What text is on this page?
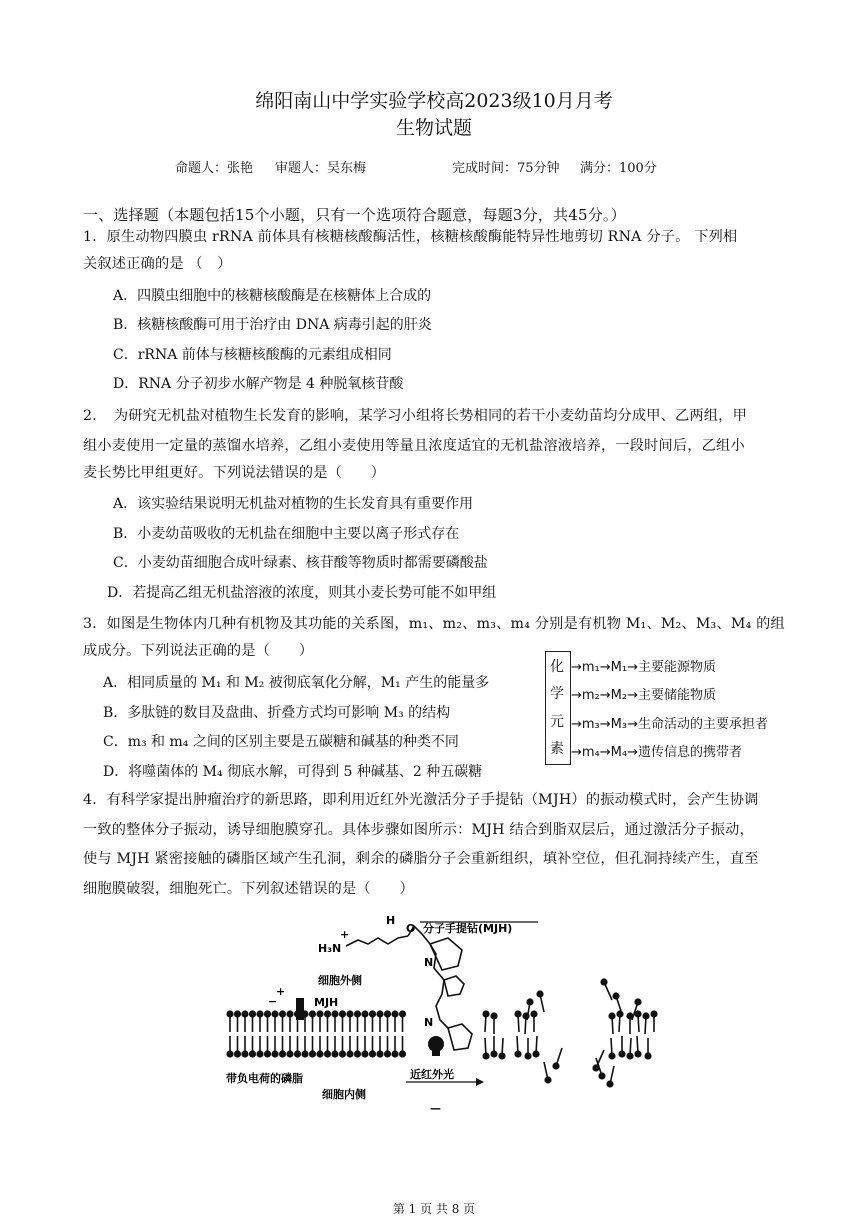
绵阳南山中学实验学校高2023级10月月考
生物试题
命题人：张艳 审题人：吴东梅	完成时间：75分钟 满分：100分
一、选择题（本题包括15个小题，只有一个选项符合题意，每题3分，共45分。）
1．原生动物四膜虫 rRNA 前体具有核糖核酸酶活性，核糖核酸酶能特异性地剪切 RNA 分子。 下列相
关叙述正确的是 （　）
A．四膜虫细胞中的核糖核酸酶是在核糖体上合成的
B．核糖核酸酶可用于治疗由 DNA 病毒引起的肝炎
C．rRNA 前体与核糖核酸酶的元素组成相同
D．RNA 分子初步水解产物是 4 种脱氧核苷酸
2．　为研究无机盐对植物生长发育的影响，某学习小组将长势相同的若干小麦幼苗均分成甲、乙两组，甲
组小麦使用一定量的蒸馏水培养，乙组小麦使用等量且浓度适宜的无机盐溶液培养，一段时间后，乙组小
麦长势比甲组更好。下列说法错误的是（　　）
A．该实验结果说明无机盐对植物的生长发育具有重要作用
B．小麦幼苗吸收的无机盐在细胞中主要以离子形式存在
C．小麦幼苗细胞合成叶绿素、核苷酸等物质时都需要磷酸盐
D．若提高乙组无机盐溶液的浓度，则其小麦长势可能不如甲组
3．如图是生物体内几种有机物及其功能的关系图，m₁、m₂、m₃、m₄ 分别是有机物 M₁、M₂、M₃、M₄ 的组
成成分。下列说法正确的是（　　）
A．相同质量的 M₁ 和 M₂ 被彻底氧化分解，M₁ 产生的能量多
B．多肽链的数目及盘曲、折叠方式均可影响 M₃ 的结构
C．m₃ 和 m₄ 之间的区别主要是五碳糖和碱基的种类不同
D．将噬菌体的 M₄ 彻底水解，可得到 5 种碱基、2 种五碳糖
化
学
元
素
→m₁→M₁→主要能源物质
→m₂→M₂→主要储能物质
→m₃→M₃→生命活动的主要承担者
→m₄→M₄→遗传信息的携带者
4．有科学家提出肿瘤治疗的新思路，即利用近红外光激活分子手提钻（MJH）的振动模式时，会产生协调
一致的整体分子振动，诱导细胞膜穿孔。具体步骤如图所示：MJH 结合到脂双层后，通过激活分子振动，
使与 MJH 紧密接触的磷脂区域产生孔洞，剩余的磷脂分子会重新组织，填补空位，但孔洞持续产生，直至
细胞膜破裂，细胞死亡。下列叙述错误的是（　　）
H₃N
+
H
O
N
N
分子手提钻(MJH)
细胞外侧
MJH
−
+
带负电荷的磷脂
细胞内侧
近红外光
—
第 1 页 共 8 页
